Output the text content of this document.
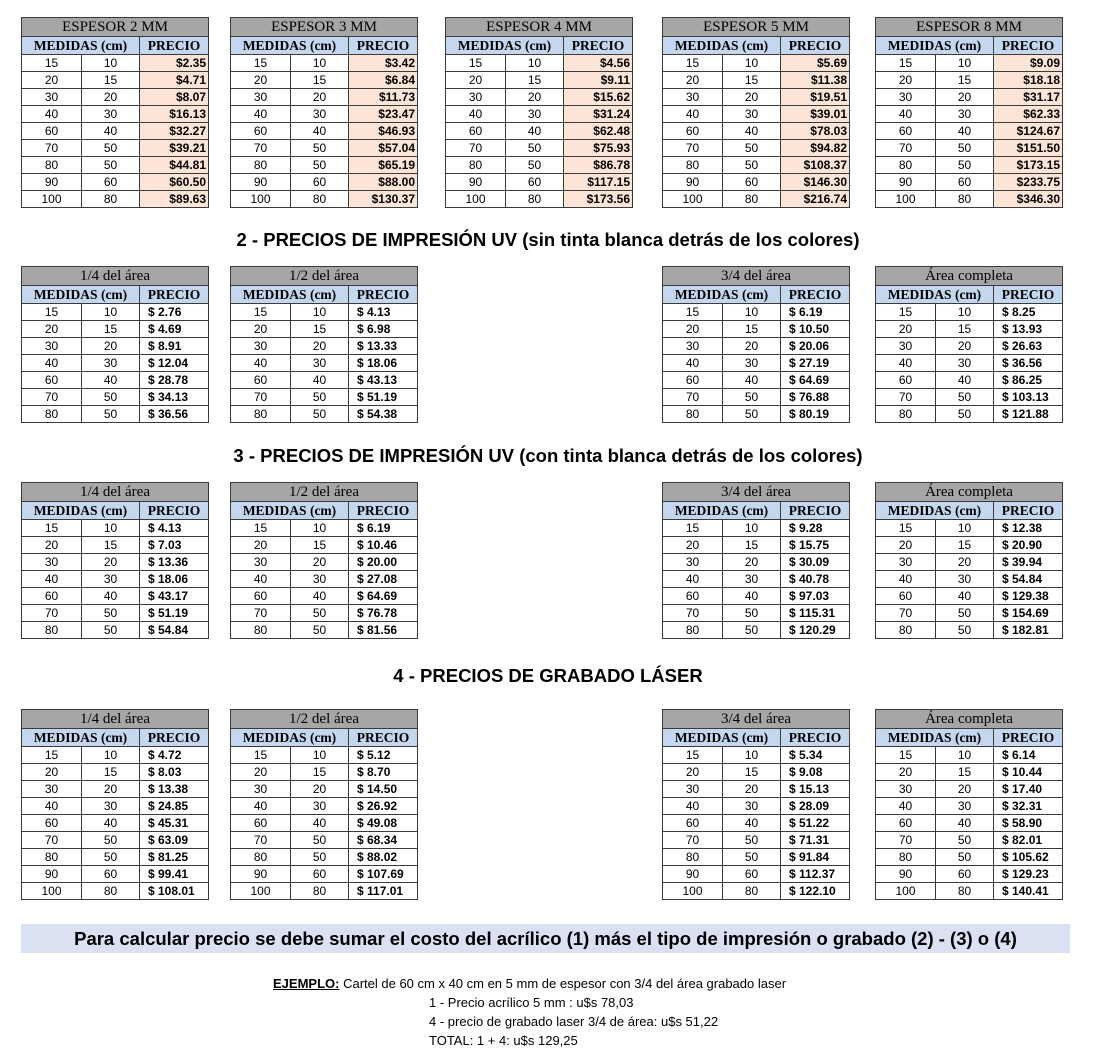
ESPESOR 2 MM		
MEDIDAS (cm)		PRECIO
15	10	$2.35
20	15	$4.71
30	20	$8.07
40	30	$16.13
60	40	$32.27
70	50	$39.21
80	50	$44.81
90	60	$60.50
100	80	$89.63
ESPESOR 3 MM		
MEDIDAS (cm)		PRECIO
15	10	$3.42
20	15	$6.84
30	20	$11.73
40	30	$23.47
60	40	$46.93
70	50	$57.04
80	50	$65.19
90	60	$88.00
100	80	$130.37
ESPESOR 4 MM		
MEDIDAS (cm)		PRECIO
15	10	$4.56
20	15	$9.11
30	20	$15.62
40	30	$31.24
60	40	$62.48
70	50	$75.93
80	50	$86.78
90	60	$117.15
100	80	$173.56
ESPESOR 5 MM		
MEDIDAS (cm)		PRECIO
15	10	$5.69
20	15	$11.38
30	20	$19.51
40	30	$39.01
60	40	$78.03
70	50	$94.82
80	50	$108.37
90	60	$146.30
100	80	$216.74
ESPESOR 8 MM		
MEDIDAS (cm)		PRECIO
15	10	$9.09
20	15	$18.18
30	20	$31.17
40	30	$62.33
60	40	$124.67
70	50	$151.50
80	50	$173.15
90	60	$233.75
100	80	$346.30
2 - PRECIOS DE IMPRESIÓN UV (sin tinta blanca detrás de los colores)
1/4 del área		
MEDIDAS (cm)		PRECIO
15	10	$ 2.76
20	15	$ 4.69
30	20	$ 8.91
40	30	$ 12.04
60	40	$ 28.78
70	50	$ 34.13
80	50	$ 36.56
1/2 del área		
MEDIDAS (cm)		PRECIO
15	10	$ 4.13
20	15	$ 6.98
30	20	$ 13.33
40	30	$ 18.06
60	40	$ 43.13
70	50	$ 51.19
80	50	$ 54.38
3/4 del área		
MEDIDAS (cm)		PRECIO
15	10	$ 6.19
20	15	$ 10.50
30	20	$ 20.06
40	30	$ 27.19
60	40	$ 64.69
70	50	$ 76.88
80	50	$ 80.19
Área completa		
MEDIDAS (cm)		PRECIO
15	10	$ 8.25
20	15	$ 13.93
30	20	$ 26.63
40	30	$ 36.56
60	40	$ 86.25
70	50	$ 103.13
80	50	$ 121.88
3 - PRECIOS DE IMPRESIÓN UV (con tinta blanca detrás de los colores)
1/4 del área		
MEDIDAS (cm)		PRECIO
15	10	$ 4.13
20	15	$ 7.03
30	20	$ 13.36
40	30	$ 18.06
60	40	$ 43.17
70	50	$ 51.19
80	50	$ 54.84
1/2 del área		
MEDIDAS (cm)		PRECIO
15	10	$ 6.19
20	15	$ 10.46
30	20	$ 20.00
40	30	$ 27.08
60	40	$ 64.69
70	50	$ 76.78
80	50	$ 81.56
3/4 del área		
MEDIDAS (cm)		PRECIO
15	10	$ 9.28
20	15	$ 15.75
30	20	$ 30.09
40	30	$ 40.78
60	40	$ 97.03
70	50	$ 115.31
80	50	$ 120.29
Área completa		
MEDIDAS (cm)		PRECIO
15	10	$ 12.38
20	15	$ 20.90
30	20	$ 39.94
40	30	$ 54.84
60	40	$ 129.38
70	50	$ 154.69
80	50	$ 182.81
4 - PRECIOS DE GRABADO LÁSER
1/4 del área		
MEDIDAS (cm)		PRECIO
15	10	$ 4.72
20	15	$ 8.03
30	20	$ 13.38
40	30	$ 24.85
60	40	$ 45.31
70	50	$ 63.09
80	50	$ 81.25
90	60	$ 99.41
100	80	$ 108.01
1/2 del área		
MEDIDAS (cm)		PRECIO
15	10	$ 5.12
20	15	$ 8.70
30	20	$ 14.50
40	30	$ 26.92
60	40	$ 49.08
70	50	$ 68.34
80	50	$ 88.02
90	60	$ 107.69
100	80	$ 117.01
3/4 del área		
MEDIDAS (cm)		PRECIO
15	10	$ 5.34
20	15	$ 9.08
30	20	$ 15.13
40	30	$ 28.09
60	40	$ 51.22
70	50	$ 71.31
80	50	$ 91.84
90	60	$ 112.37
100	80	$ 122.10
Área completa		
MEDIDAS (cm)		PRECIO
15	10	$ 6.14
20	15	$ 10.44
30	20	$ 17.40
40	30	$ 32.31
60	40	$ 58.90
70	50	$ 82.01
80	50	$ 105.62
90	60	$ 129.23
100	80	$ 140.41
Para calcular precio se debe sumar el costo del acrílico (1) más el tipo de impresión o grabado (2) - (3) o (4)
EJEMPLO: Cartel de 60 cm x 40 cm en 5 mm de espesor con 3/4 del área grabado laser
1 - Precio acrílico 5 mm : u$s 78,03
4 - precio de grabado laser 3/4 de área: u$s 51,22
TOTAL: 1 + 4: u$s 129,25
